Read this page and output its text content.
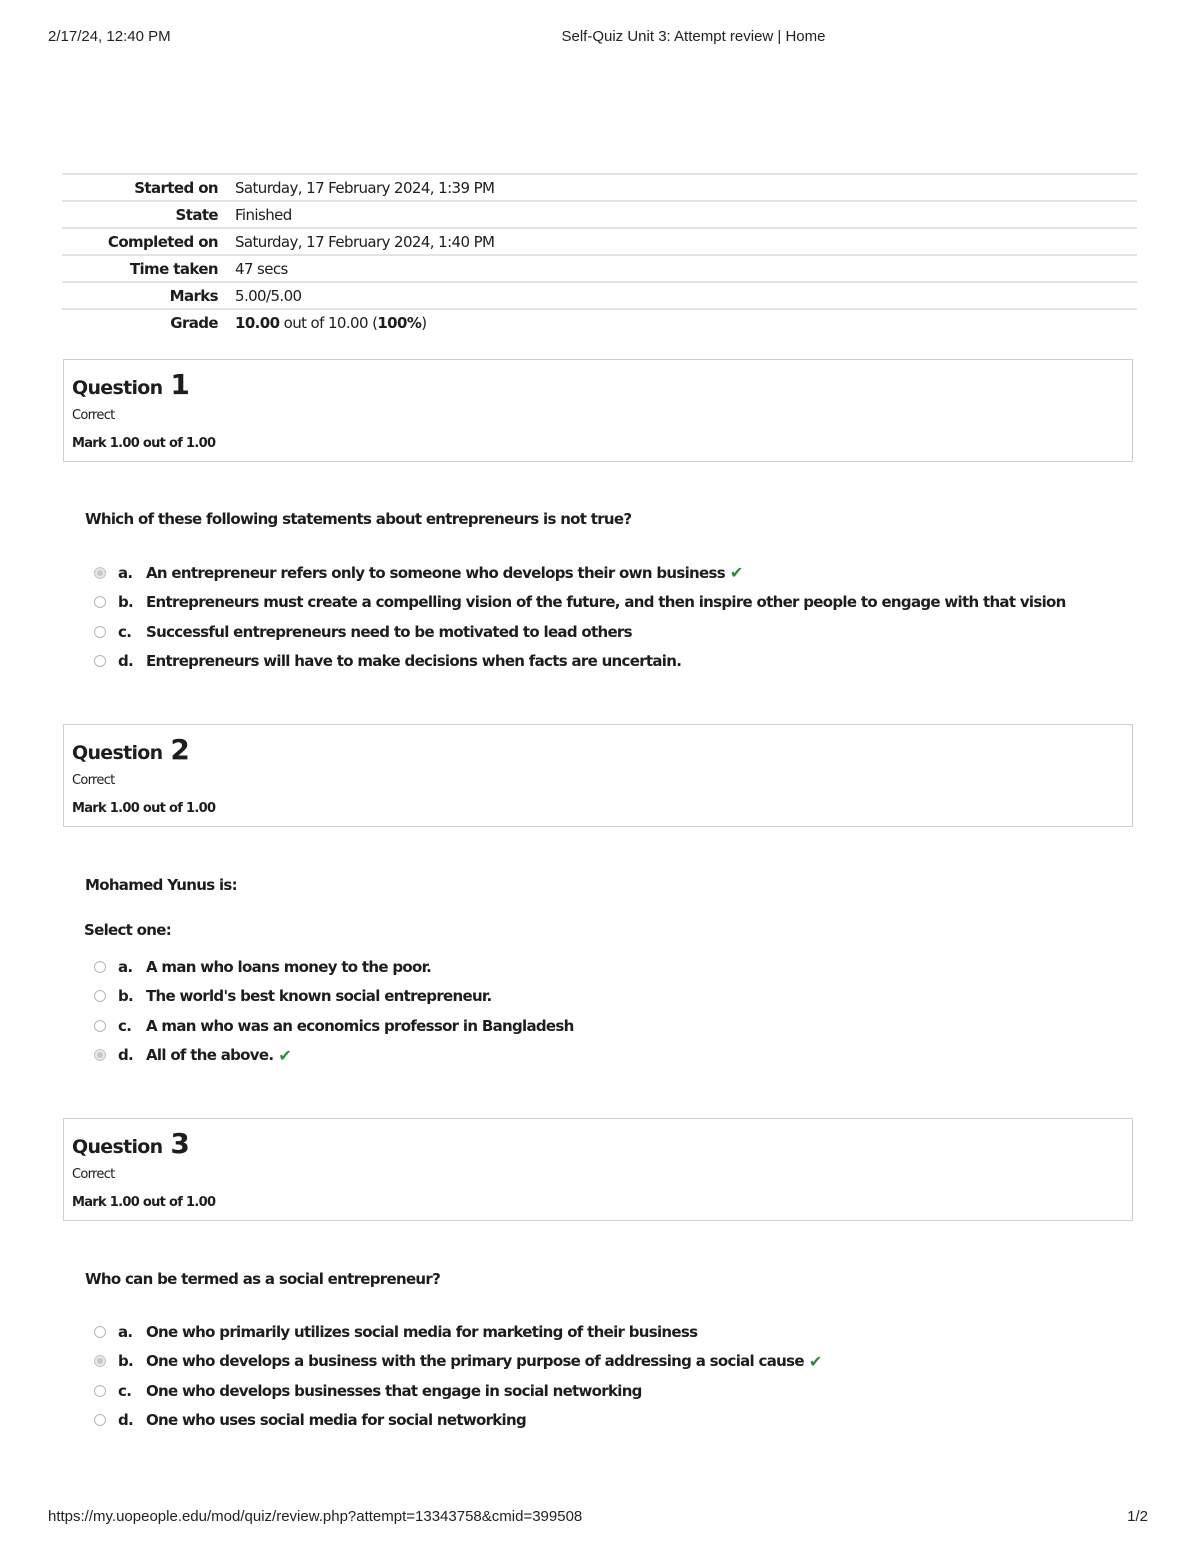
2/17/24, 12:40 PM	Self-Quiz Unit 3: Attempt review | Home
Started on	Saturday, 17 February 2024, 1:39 PM
State	Finished
Completed on	Saturday, 17 February 2024, 1:40 PM
Time taken	47 secs
Marks	5.00/5.00
Grade	10.00 out of 10.00 (100%)
Question 1
Correct
Mark 1.00 out of 1.00
Which of these following statements about entrepreneurs is not true?
a. An entrepreneur refers only to someone who develops their own business ✔
b. Entrepreneurs must create a compelling vision of the future, and then inspire other people to engage with that vision
c. Successful entrepreneurs need to be motivated to lead others
d. Entrepreneurs will have to make decisions when facts are uncertain.
Question 2
Correct
Mark 1.00 out of 1.00
Mohamed Yunus is:
Select one:
a. A man who loans money to the poor.
b. The world's best known social entrepreneur.
c. A man who was an economics professor in Bangladesh
d. All of the above. ✔
Question 3
Correct
Mark 1.00 out of 1.00
Who can be termed as a social entrepreneur?
a. One who primarily utilizes social media for marketing of their business
b. One who develops a business with the primary purpose of addressing a social cause ✔
c. One who develops businesses that engage in social networking
d. One who uses social media for social networking
https://my.uopeople.edu/mod/quiz/review.php?attempt=13343758&cmid=399508	1/2
